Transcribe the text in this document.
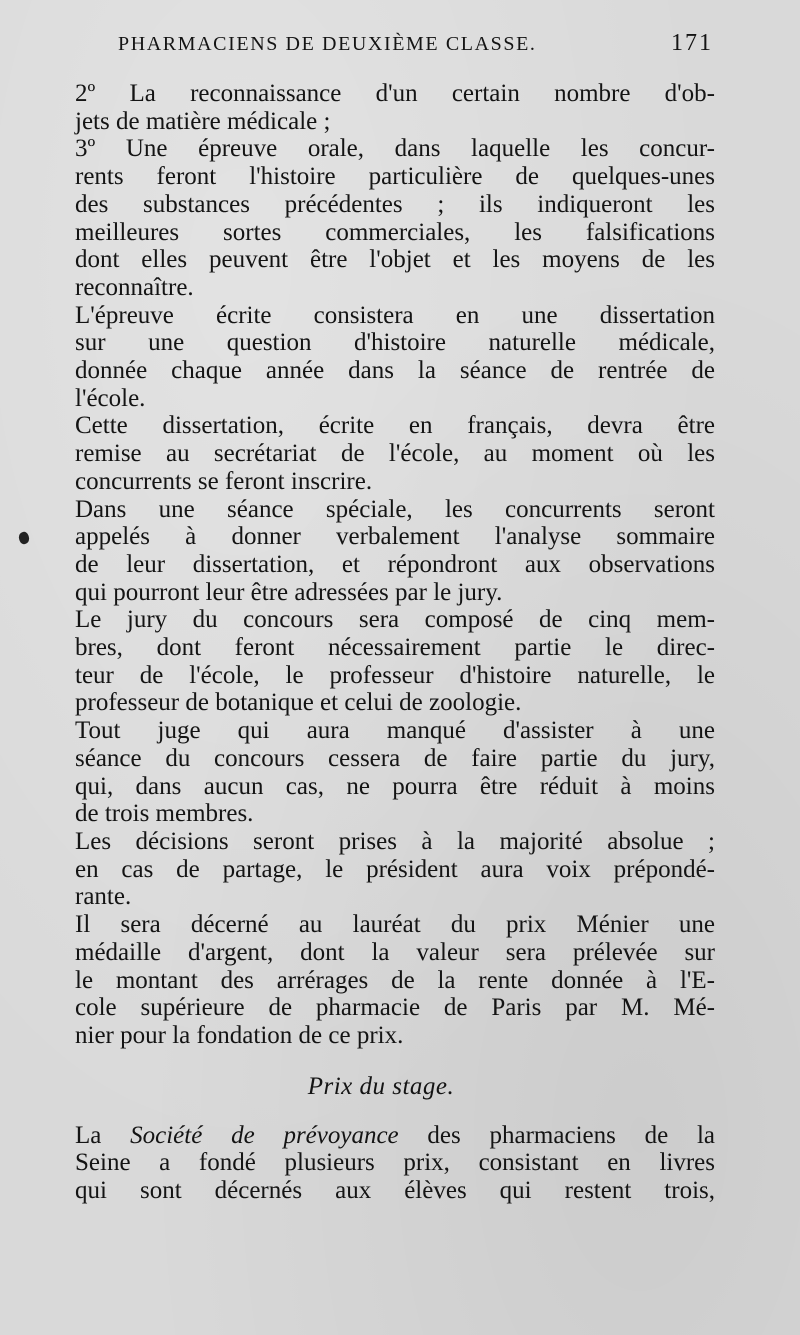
PHARMACIENS DE DEUXIÈME CLASSE.	171

2º La reconnaissance d'un certain nombre d'ob-
jets de matière médicale ;

3º Une épreuve orale, dans laquelle les concur-
rents feront l'histoire particulière de quelques-unes
des substances précédentes ; ils indiqueront les
meilleures sortes commerciales, les falsifications
dont elles peuvent être l'objet et les moyens de les
reconnaître.

L'épreuve écrite consistera en une dissertation
sur une question d'histoire naturelle médicale,
donnée chaque année dans la séance de rentrée de
l'école.

Cette dissertation, écrite en français, devra être
remise au secrétariat de l'école, au moment où les
concurrents se feront inscrire.

Dans une séance spéciale, les concurrents seront
appelés à donner verbalement l'analyse sommaire
de leur dissertation, et répondront aux observations
qui pourront leur être adressées par le jury.

Le jury du concours sera composé de cinq mem-
bres, dont feront nécessairement partie le direc-
teur de l'école, le professeur d'histoire naturelle, le
professeur de botanique et celui de zoologie.

Tout juge qui aura manqué d'assister à une
séance du concours cessera de faire partie du jury,
qui, dans aucun cas, ne pourra être réduit à moins
de trois membres.

Les décisions seront prises à la majorité absolue ;
en cas de partage, le président aura voix prépondé-
rante.

Il sera décerné au lauréat du prix Ménier une
médaille d'argent, dont la valeur sera prélevée sur
le montant des arrérages de la rente donnée à l'E-
cole supérieure de pharmacie de Paris par M. Mé-
nier pour la fondation de ce prix.

Prix du stage.

La Société de prévoyance des pharmaciens de la
Seine a fondé plusieurs prix, consistant en livres
qui sont décernés aux élèves qui restent trois,
